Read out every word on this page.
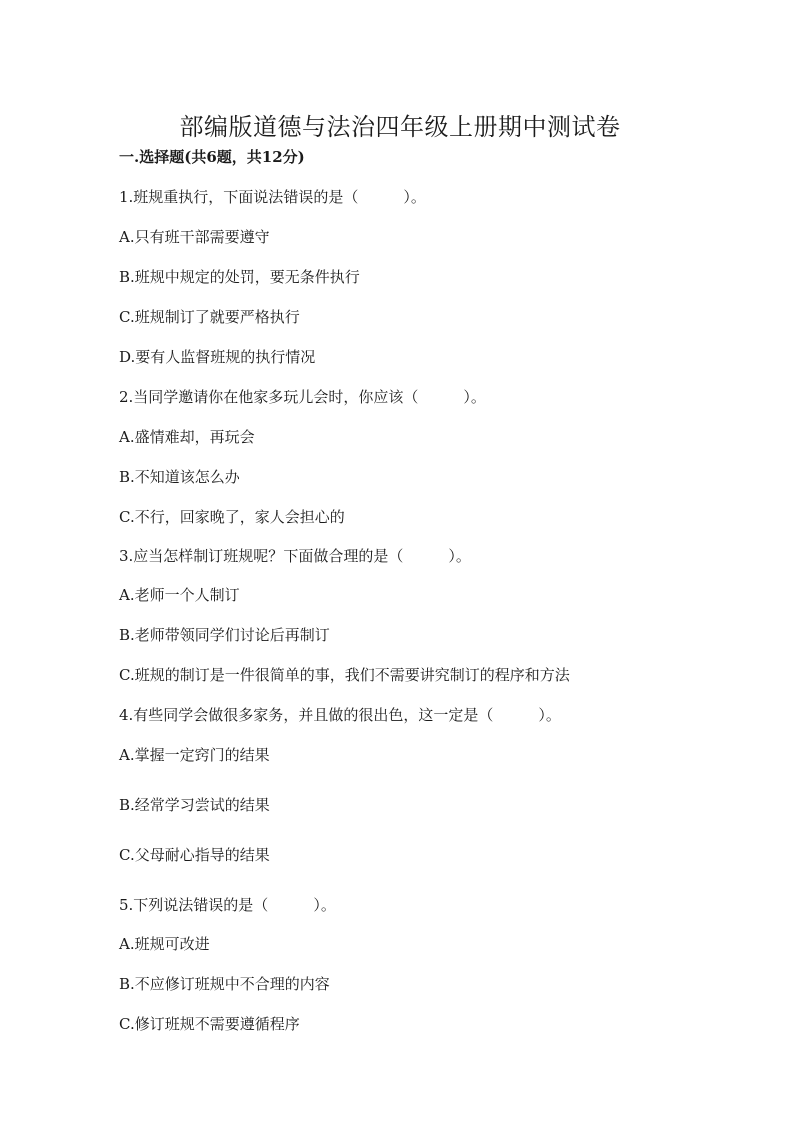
部编版道德与法治四年级上册期中测试卷
一.选择题(共6题，共12分)
1.班规重执行，下面说法错误的是（　　　）。
A.只有班干部需要遵守
B.班规中规定的处罚，要无条件执行
C.班规制订了就要严格执行
D.要有人监督班规的执行情况
2.当同学邀请你在他家多玩儿会时，你应该（　　　）。
A.盛情难却，再玩会
B.不知道该怎么办
C.不行，回家晚了，家人会担心的
3.应当怎样制订班规呢？下面做合理的是（　　　）。
A.老师一个人制订
B.老师带领同学们讨论后再制订
C.班规的制订是一件很简单的事，我们不需要讲究制订的程序和方法
4.有些同学会做很多家务，并且做的很出色，这一定是（　　　）。
A.掌握一定窍门的结果
B.经常学习尝试的结果
C.父母耐心指导的结果
5.下列说法错误的是（　　　）。
A.班规可改进
B.不应修订班规中不合理的内容
C.修订班规不需要遵循程序
